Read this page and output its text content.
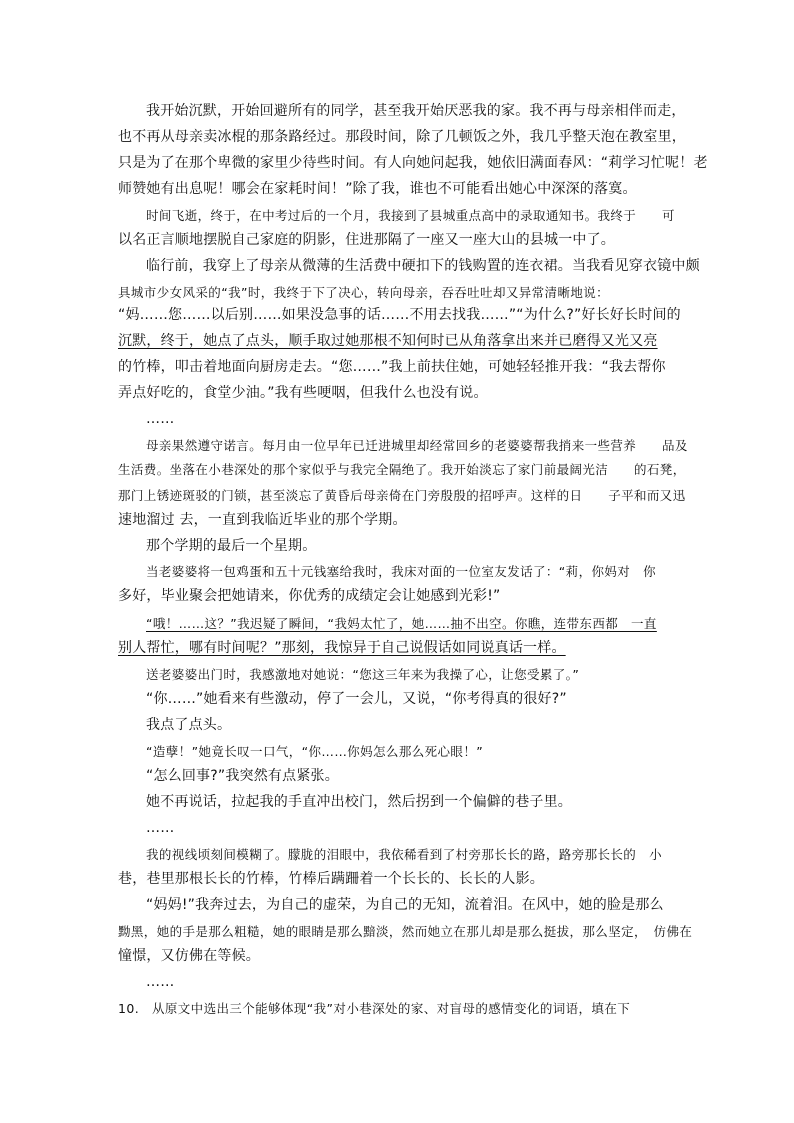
我开始沉默，开始回避所有的同学，甚至我开始厌恶我的家。我不再与母亲相伴而走，
也不再从母亲卖冰棍的那条路经过。那段时间，除了几顿饭之外，我几乎整天泡在教室里，
只是为了在那个卑微的家里少待些时间。有人向她问起我，她依旧满面春风：“莉学习忙呢！老
师赞她有出息呢！哪会在家耗时间！”除了我，谁也不可能看出她心中深深的落寞。
时间飞逝，终于，在中考过后的一个月，我接到了县城重点高中的录取通知书。我终于　　可
以名正言顺地摆脱自己家庭的阴影，住进那隔了一座又一座大山的县城一中了。
临行前，我穿上了母亲从微薄的生活费中硬扣下的钱购置的连衣裙。当我看见穿衣镜中颇
具城市少女风采的“我”时，我终于下了决心，转向母亲，吞吞吐吐却又异常清晰地说：
“妈……您……以后别……如果没急事的话……不用去找我……”“为什么?”好长好长时间的
沉默，终于，她点了点头，顺手取过她那根不知何时已从角落拿出来并已磨得又光又亮
的竹棒，叩击着地面向厨房走去。“您……”我上前扶住她，可她轻轻推开我：“我去帮你
弄点好吃的，食堂少油。”我有些哽咽，但我什么也没有说。
……
母亲果然遵守诺言。每月由一位早年已迁进城里却经常回乡的老婆婆帮我捎来一些营养　　品及
生活费。坐落在小巷深处的那个家似乎与我完全隔绝了。我开始淡忘了家门前最阔光洁　　的石凳，
那门上锈迹斑驳的门锁，甚至淡忘了黄昏后母亲倚在门旁殷殷的招呼声。这样的日　　子平和而又迅
速地溜过 去，一直到我临近毕业的那个学期。
那个学期的最后一个星期。
当老婆婆将一包鸡蛋和五十元钱塞给我时，我床对面的一位室友发话了：“莉，你妈对　你
多好，毕业聚会把她请来，你优秀的成绩定会让她感到光彩!”
“哦！……这？”我迟疑了瞬间，“我妈太忙了，她……抽不出空。你瞧，连带东西都　一直
别人帮忙，哪有时间呢？”那刻，我惊异于自己说假话如同说真话一样。
送老婆婆出门时，我感激地对她说：“您这三年来为我操了心，让您受累了。”
“你……”她看来有些激动，停了一会儿，又说，“你考得真的很好?”
我点了点头。
“造孽！”她竟长叹一口气，“你……你妈怎么那么死心眼！”
“怎么回事?”我突然有点紧张。
她不再说话，拉起我的手直冲出校门，然后拐到一个偏僻的巷子里。
……
我的视线顷刻间模糊了。朦胧的泪眼中，我依稀看到了村旁那长长的路，路旁那长长的　小
巷，巷里那根长长的竹棒，竹棒后蹒跚着一个长长的、长长的人影。
“妈妈!”我奔过去，为自己的虚荣，为自己的无知，流着泪。在风中，她的脸是那么
黝黑，她的手是那么粗糙，她的眼睛是那么黯淡，然而她立在那儿却是那么挺拔，那么坚定，　仿佛在
憧憬，又仿佛在等候。
……
10.　从原文中选出三个能够体现“我”对小巷深处的家、对盲母的感情变化的词语，填在下
